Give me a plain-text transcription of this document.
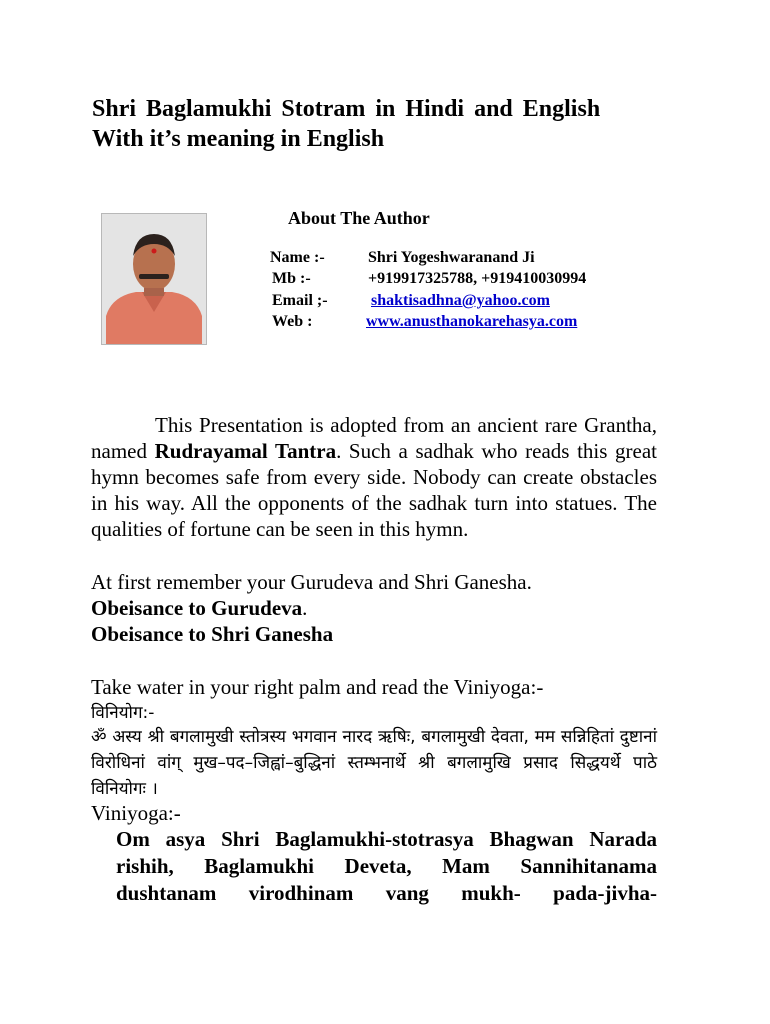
Shri Baglamukhi Stotram in Hindi and English
With it’s meaning in English
About The Author
Name :-	Shri Yogeshwaranand Ji
Mb :-	+919917325788, +919410030994
Email ;-	shaktisadhna@yahoo.com
Web :	www.anusthanokarehasya.com
This Presentation is adopted from an ancient rare Grantha, named Rudrayamal Tantra. Such a sadhak who reads this great hymn becomes safe from every side. Nobody can create obstacles in his way. All the opponents of the sadhak turn into statues. The qualities of fortune can be seen in this hymn.
At first remember your Gurudeva and Shri Ganesha.
Obeisance to Gurudeva.
Obeisance to Shri Ganesha
Take water in your right palm and read the Viniyoga:-
विनियोग:-
ॐ अस्य श्री बगलामुखी स्तोत्रस्य भगवान नारद ऋषिः, बगलामुखी देवता, मम सन्निहितां दुष्टानां विरोधिनां वांग् मुख–पद–जिह्वां–बुद्धिनां स्तम्भनार्थे श्री बगलामुखि प्रसाद सिद्धयर्थे पाठे विनियोगः ।
Viniyoga:-
Om asya Shri Baglamukhi-stotrasya Bhagwan Narada
rishih, Baglamukhi Deveta, Mam Sannihitanama
dushtanam virodhinam vang mukh- pada-jivha-
